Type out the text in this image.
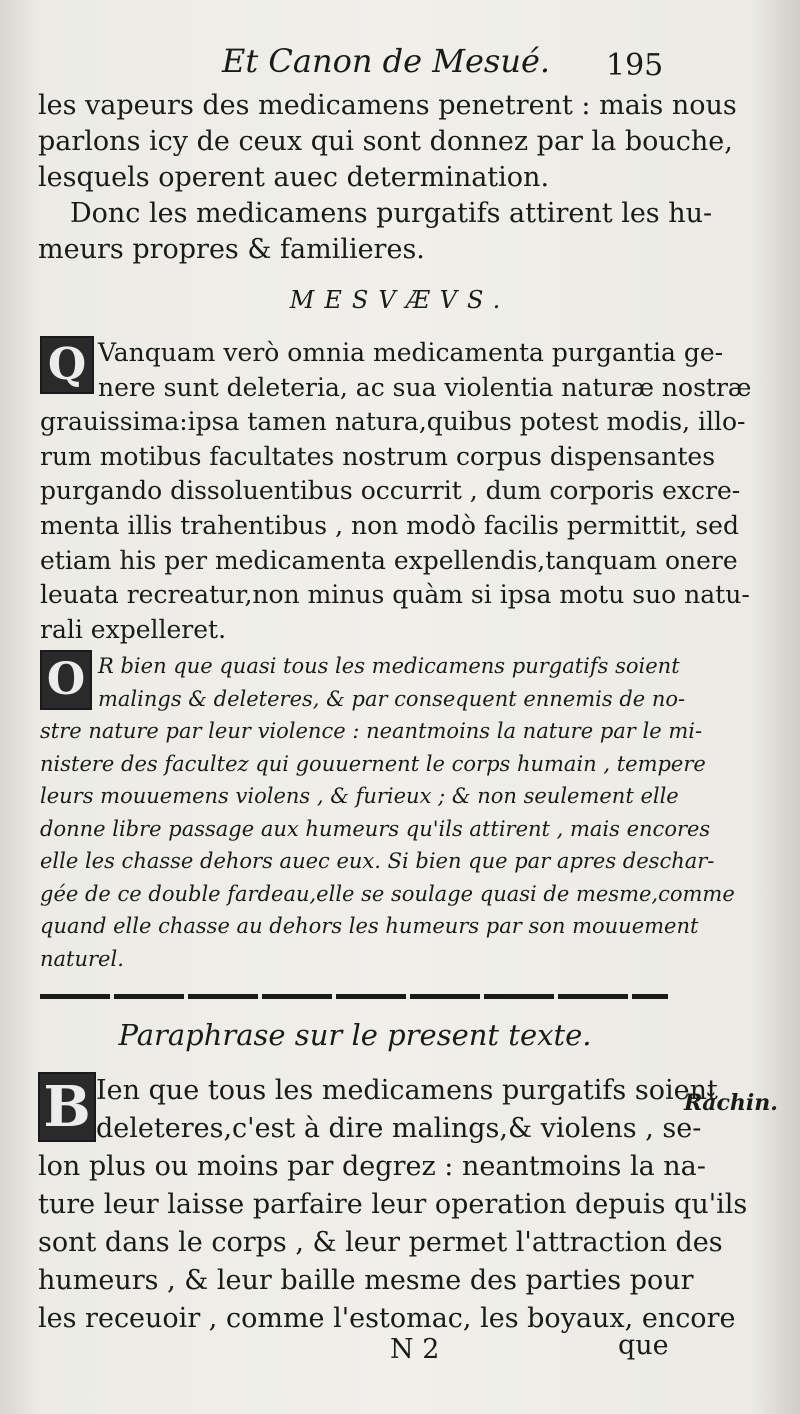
Et Canon de Mesué. 195
les vapeurs des medicamens penetrent : mais nous
parlons icy de ceux qui sont donnez par la bouche,
lesquels operent auec determination.
Donc les medicamens purgatifs attirent les hu-
meurs propres & familieres.
MESVÆVS.
Q Vanquam verò omnia medicamenta purgantia ge-
nere sunt deleteria, ac sua violentia naturæ nostræ
grauissima:ipsa tamen natura,quibus potest modis, illo-
rum motibus facultates nostrum corpus dispensantes
purgando dissoluentibus occurrit , dum corporis excre-
menta illis trahentibus , non modò facilis permittit, sed
etiam his per medicamenta expellendis,tanquam onere
leuata recreatur,non minus quàm si ipsa motu suo natu-
rali expelleret.
O R bien que quasi tous les medicamens purgatifs soient
malings & deleteres, & par consequent ennemis de no-
stre nature par leur violence : neantmoins la nature par le mi-
nistere des facultez qui gouuernent le corps humain , tempere
leurs mouuemens violens , & furieux ; & non seulement elle
donne libre passage aux humeurs qu'ils attirent , mais encores
elle les chasse dehors auec eux. Si bien que par apres deschar-
gée de ce double fardeau,elle se soulage quasi de mesme,comme
quand elle chasse au dehors les humeurs par son mouuement
naturel.
Paraphrase sur le present texte.
B Ien que tous les medicamens purgatifs soient
deleteres,c'est à dire malings,& violens , se-
lon plus ou moins par degrez : neantmoins la na-
ture leur laisse parfaire leur operation depuis qu'ils
sont dans le corps , & leur permet l'attraction des
humeurs , & leur baille mesme des parties pour
les receuoir , comme l'estomac, les boyaux, encore
Răchin.
N 2	que
